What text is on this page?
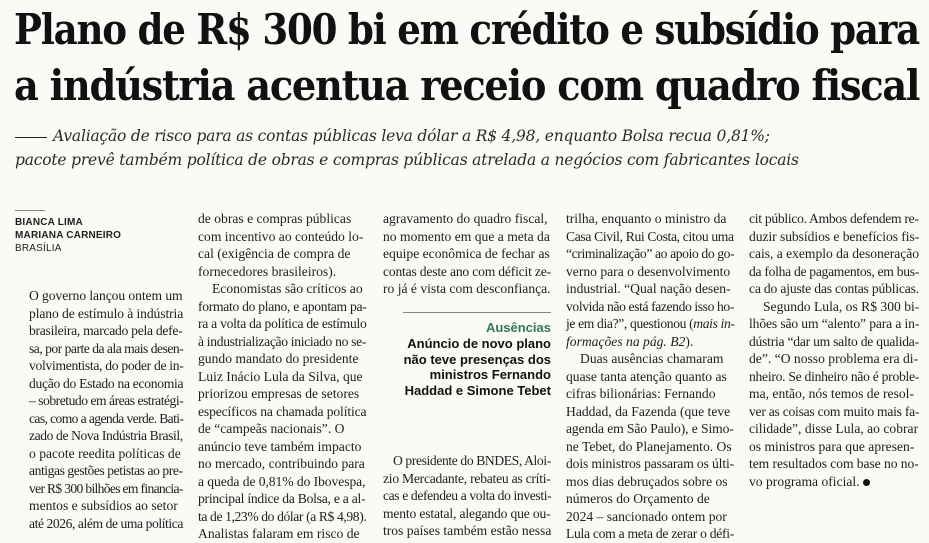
Plano de R$ 300 bi em crédito e subsídio para
a indústria acentua receio com quadro fiscal
Avaliação de risco para as contas públicas leva dólar a R$ 4,98, enquanto Bolsa recua 0,81%;
pacote prevê também política de obras e compras públicas atrelada a negócios com fabricantes locais
BIANCA LIMA
MARIANA CARNEIRO
BRASÍLIA

O governo lançou ontem um
plano de estímulo à indústria
brasileira, marcado pela defe-
sa, por parte da ala mais desen-
volvimentista, do poder de in-
dução do Estado na economia
– sobretudo em áreas estratégi-
cas, como a agenda verde. Bati-
zado de Nova Indústria Brasil,
o pacote reedita políticas de
antigas gestões petistas ao pre-
ver R$ 300 bilhões em financia-
mentos e subsídios ao setor
até 2026, além de uma política

de obras e compras públicas
com incentivo ao conteúdo lo-
cal (exigência de compra de
fornecedores brasileiros).

Economistas são críticos ao
formato do plano, e apontam pa-
ra a volta da política de estímulo
à industrialização iniciado no se-
gundo mandato do presidente
Luiz Inácio Lula da Silva, que
priorizou empresas de setores
específicos na chamada política
de “campeãs nacionais”. O
anúncio teve também impacto
no mercado, contribuindo para
a queda de 0,81% do Ibovespa,
principal índice da Bolsa, e a al-
ta de 1,23% do dólar (a R$ 4,98).
Analistas falaram em risco de

agravamento do quadro fiscal,
no momento em que a meta da
equipe econômica de fechar as
contas deste ano com déficit ze-
ro já é vista com desconfiança.

Ausências
Anúncio de novo plano
não teve presenças dos
ministros Fernando
Haddad e Simone Tebet

O presidente do BNDES, Aloi-
zio Mercadante, rebateu as críti-
cas e defendeu a volta do investi-
mento estatal, alegando que ou-
tros países também estão nessa

trilha, enquanto o ministro da
Casa Civil, Rui Costa, citou uma
“criminalização” ao apoio do go-
verno para o desenvolvimento
industrial. “Qual nação desen-
volvida não está fazendo isso ho-
je em dia?”, questionou (mais in-
formações na pág. B2).

Duas ausências chamaram
quase tanta atenção quanto as
cifras bilionárias: Fernando
Haddad, da Fazenda (que teve
agenda em São Paulo), e Simo-
ne Tebet, do Planejamento. Os
dois ministros passaram os últi-
mos dias debruçados sobre os
números do Orçamento de
2024 – sancionado ontem por
Lula com a meta de zerar o défi-

cit público. Ambos defendem re-
duzir subsídios e benefícios fis-
cais, a exemplo da desoneração
da folha de pagamentos, em bus-
ca do ajuste das contas públicas.

Segundo Lula, os R$ 300 bi-
lhões são um “alento” para a in-
dústria “dar um salto de qualida-
de”. “O nosso problema era di-
nheiro. Se dinheiro não é proble-
ma, então, nós temos de resol-
ver as coisas com muito mais fa-
cilidade”, disse Lula, ao cobrar
os ministros para que apresen-
tem resultados com base no no-
vo programa oficial.
